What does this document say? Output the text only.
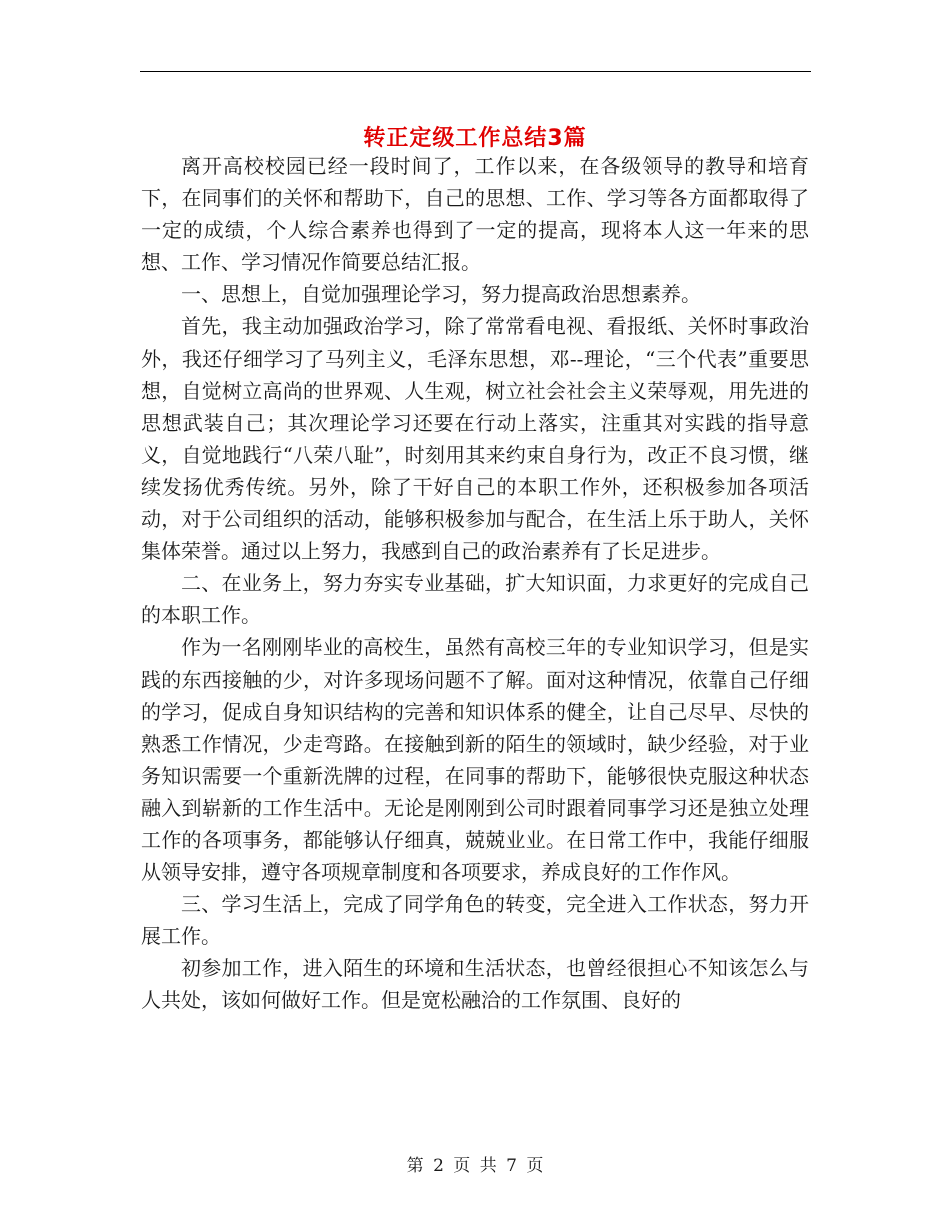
转正定级工作总结3篇

离开高校校园已经一段时间了，工作以来，在各级领导的教导和培育下，在同事们的关怀和帮助下，自己的思想、工作、学习等各方面都取得了一定的成绩，个人综合素养也得到了一定的提高，现将本人这一年来的思想、工作、学习情况作简要总结汇报。

一、思想上，自觉加强理论学习，努力提高政治思想素养。

首先，我主动加强政治学习，除了常常看电视、看报纸、关怀时事政治外，我还仔细学习了马列主义，毛泽东思想，邓--理论，“三个代表”重要思想，自觉树立高尚的世界观、人生观，树立社会社会主义荣辱观，用先进的思想武装自己；其次理论学习还要在行动上落实，注重其对实践的指导意义，自觉地践行“八荣八耻”，时刻用其来约束自身行为，改正不良习惯，继续发扬优秀传统。另外，除了干好自己的本职工作外，还积极参加各项活动，对于公司组织的活动，能够积极参加与配合，在生活上乐于助人，关怀集体荣誉。通过以上努力，我感到自己的政治素养有了长足进步。

二、在业务上，努力夯实专业基础，扩大知识面，力求更好的完成自己的本职工作。

作为一名刚刚毕业的高校生，虽然有高校三年的专业知识学习，但是实践的东西接触的少，对许多现场问题不了解。面对这种情况，依靠自己仔细的学习，促成自身知识结构的完善和知识体系的健全，让自己尽早、尽快的熟悉工作情况，少走弯路。在接触到新的陌生的领域时，缺少经验，对于业务知识需要一个重新洗牌的过程，在同事的帮助下，能够很快克服这种状态融入到崭新的工作生活中。无论是刚刚到公司时跟着同事学习还是独立处理工作的各项事务，都能够认仔细真，兢兢业业。在日常工作中，我能仔细服从领导安排，遵守各项规章制度和各项要求，养成良好的工作作风。

三、学习生活上，完成了同学角色的转变，完全进入工作状态，努力开展工作。

初参加工作，进入陌生的环境和生活状态，也曾经很担心不知该怎么与人共处，该如何做好工作。但是宽松融洽的工作氛围、良好的

第 2 页 共 7 页
